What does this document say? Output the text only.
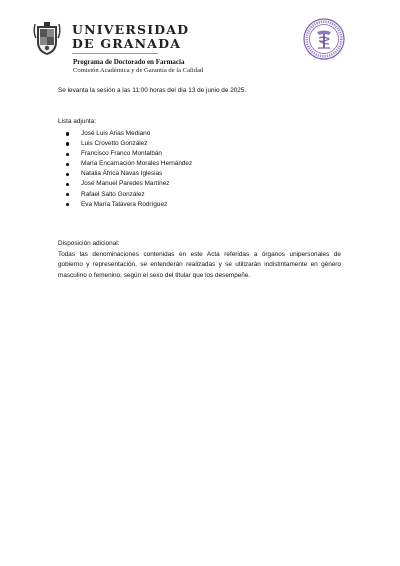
UNIVERSIDAD
DE GRANADA
Programa de Doctorado en Farmacia
Comisión Académica y de Garantía de la Calidad
Se levanta la sesión a las 11:00 horas del día 13 de junio de 2025.
Lista adjunta:
José Luis Arias Mediano
Luis Crovetto González
Francisco Franco Montalbán
María Encarnación Morales Hernández
Natalia África Navas Iglesias
José Manuel Paredes Martínez
Rafael Salto González
Eva María Talavera Rodríguez
Disposición adicional:
Todas las denominaciones contenidas en este Acta referidas a órganos unipersonales de
gobierno y representación, se entenderán realizadas y se utilizarán indistintamente en género
masculino o femenino, según el sexo del titular que los desempeñe.
